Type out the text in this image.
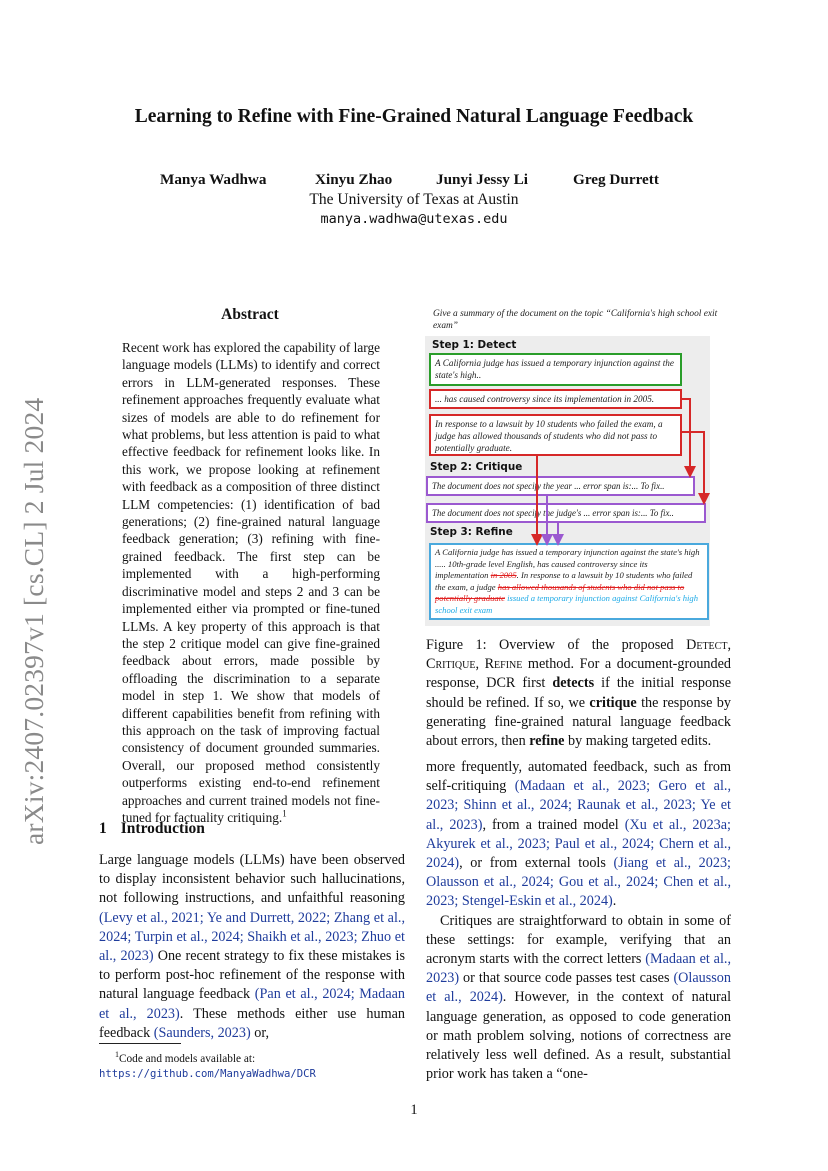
arXiv:2407.02397v1 [cs.CL] 2 Jul 2024
Learning to Refine with Fine-Grained Natural Language Feedback
Manya Wadhwa	Xinyu Zhao	Junyi Jessy Li	Greg Durrett
The University of Texas at Austin
manya.wadhwa@utexas.edu
Abstract
Recent work has explored the capability of large language models (LLMs) to identify and correct errors in LLM-generated responses. These refinement approaches frequently evaluate what sizes of models are able to do refinement for what problems, but less attention is paid to what effective feedback for refinement looks like. In this work, we propose looking at refinement with feedback as a composition of three distinct LLM competencies: (1) identification of bad generations; (2) fine-grained natural language feedback generation; (3) refining with fine-grained feedback. The first step can be implemented with a high-performing discriminative model and steps 2 and 3 can be implemented either via prompted or fine-tuned LLMs. A key property of this approach is that the step 2 critique model can give fine-grained feedback about errors, made possible by offloading the discrimination to a separate model in step 1. We show that models of different capabilities benefit from refining with this approach on the task of improving factual consistency of document grounded summaries. Overall, our proposed method consistently outperforms existing end-to-end refinement approaches and current trained models not fine-tuned for factuality critiquing.$^1$
1 Introduction
Large language models (LLMs) have been observed to display inconsistent behavior such hallucinations, not following instructions, and unfaithful reasoning (Levy et al., 2021; Ye and Durrett, 2022; Zhang et al., 2024; Turpin et al., 2024; Shaikh et al., 2023; Zhuo et al., 2023) One recent strategy to fix these mistakes is to perform post-hoc refinement of the response with natural language feedback (Pan et al., 2024; Madaan et al., 2023). These methods either use human feedback (Saunders, 2023) or,
$^1$Code and models available at: https://github.com/ManyaWadhwa/DCR
Give a summary of the document on the topic “California's high school exit exam”
Step 1: Detect
A California judge has issued a temporary injunction against the state's high..
... has caused controversy since its implementation in 2005.
In response to a lawsuit by 10 students who failed the exam, a judge has allowed thousands of students who did not pass to potentially graduate.
Step 2: Critique
The document does not specify the year ... error span is:... To fix..
The document does not specify the judge's ... error span is:... To fix..
Step 3: Refine
A California judge has issued a temporary injunction against the state's high ..... 10th-grade level English, has caused controversy since its implementation in 2005. In response to a lawsuit by 10 students who failed the exam, a judge has allowed thousands of students who did not pass to potentially graduate issued a temporary injunction against California's high school exit exam
Figure 1: Overview of the proposed Detect, Critique, Refine method. For a document-grounded response, DCR first detects if the initial response should be refined. If so, we critique the response by generating fine-grained natural language feedback about errors, then refine by making targeted edits.

more frequently, automated feedback, such as from self-critiquing (Madaan et al., 2023; Gero et al., 2023; Shinn et al., 2024; Raunak et al., 2023; Ye et al., 2023), from a trained model (Xu et al., 2023a; Akyurek et al., 2023; Paul et al., 2024; Chern et al., 2024), or from external tools (Jiang et al., 2023; Olausson et al., 2024; Gou et al., 2024; Chen et al., 2023; Stengel-Eskin et al., 2024).

Critiques are straightforward to obtain in some of these settings: for example, verifying that an acronym starts with the correct letters (Madaan et al., 2023) or that source code passes test cases (Olausson et al., 2024). However, in the context of natural language generation, as opposed to code generation or math problem solving, notions of correctness are relatively less well defined. As a result, substantial prior work has taken a “one-

1
